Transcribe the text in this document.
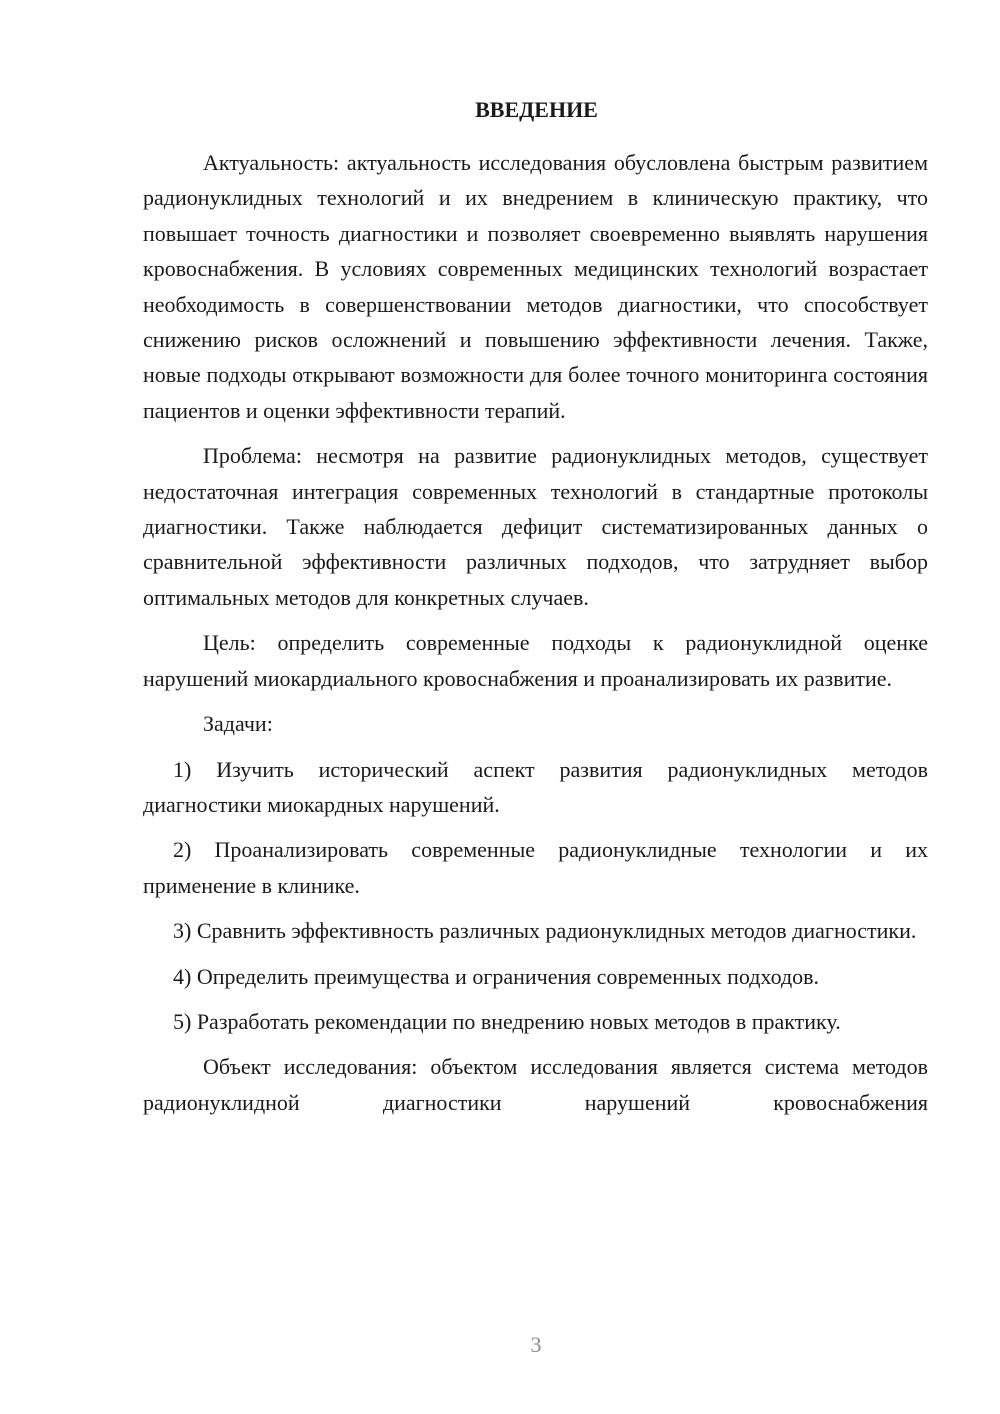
ВВЕДЕНИЕ

Актуальность: актуальность исследования обусловлена быстрым развитием радионуклидных технологий и их внедрением в клиническую практику, что повышает точность диагностики и позволяет своевременно выявлять нарушения кровоснабжения. В условиях современных медицинских технологий возрастает необходимость в совершенствовании методов диагностики, что способствует снижению рисков осложнений и повышению эффективности лечения. Также, новые подходы открывают возможности для более точного мониторинга состояния пациентов и оценки эффективности терапий.

Проблема: несмотря на развитие радионуклидных методов, существует недостаточная интеграция современных технологий в стандартные протоколы диагностики. Также наблюдается дефицит систематизированных данных о сравнительной эффективности различных подходов, что затрудняет выбор оптимальных методов для конкретных случаев.

Цель: определить современные подходы к радионуклидной оценке нарушений миокардиального кровоснабжения и проанализировать их развитие.

Задачи:

1) Изучить исторический аспект развития радионуклидных методов диагностики миокардных нарушений.

2) Проанализировать современные радионуклидные технологии и их применение в клинике.

3) Сравнить эффективность различных радионуклидных методов диагностики.

4) Определить преимущества и ограничения современных подходов.

5) Разработать рекомендации по внедрению новых методов в практику.

Объект исследования: объектом исследования является система методов радионуклидной диагностики нарушений кровоснабжения

3
